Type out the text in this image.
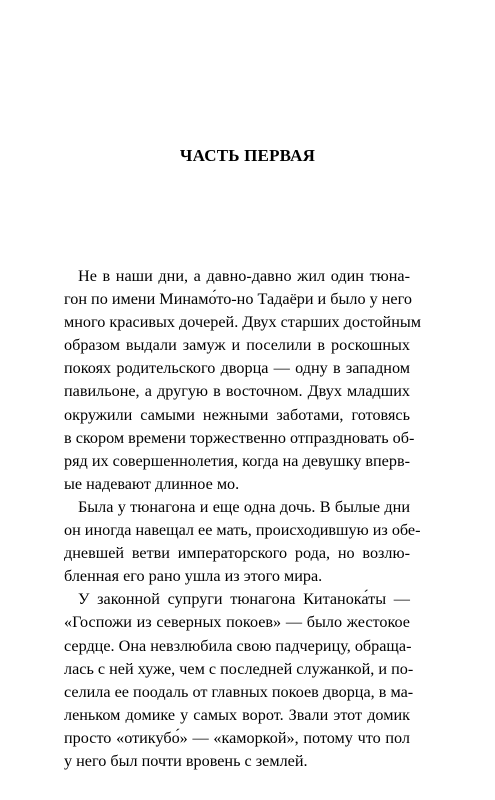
ЧАСТЬ ПЕРВАЯ
Не в наши дни, а давно-давно жил один тюна-
гон по имени Минамо́то-но Тадаёри и было у него
много красивых дочерей. Двух старших достойным
образом выдали замуж и поселили в роскошных
покоях родительского дворца — одну в западном
павильоне, а другую в восточном. Двух младших
окружили самыми нежными заботами, готовясь
в скором времени торжественно отпраздновать об-
ряд их совершеннолетия, когда на девушку вперв-
ые надевают длинное мо.
Была у тюнагона и еще одна дочь. В былые дни
он иногда навещал ее мать, происходившую из обе-
дневшей ветви императорского рода, но возлю-
бленная его рано ушла из этого мира.
У законной супруги тюнагона Китанока́ты —
«Госпожи из северных покоев» — было жестокое
сердце. Она невзлюбила свою падчерицу, обраща-
лась с ней хуже, чем с последней служанкой, и по-
селила ее поодаль от главных покоев дворца, в ма-
леньком домике у самых ворот. Звали этот домик
просто «отикубо́» — «каморкой», потому что пол
у него был почти вровень с землей.
